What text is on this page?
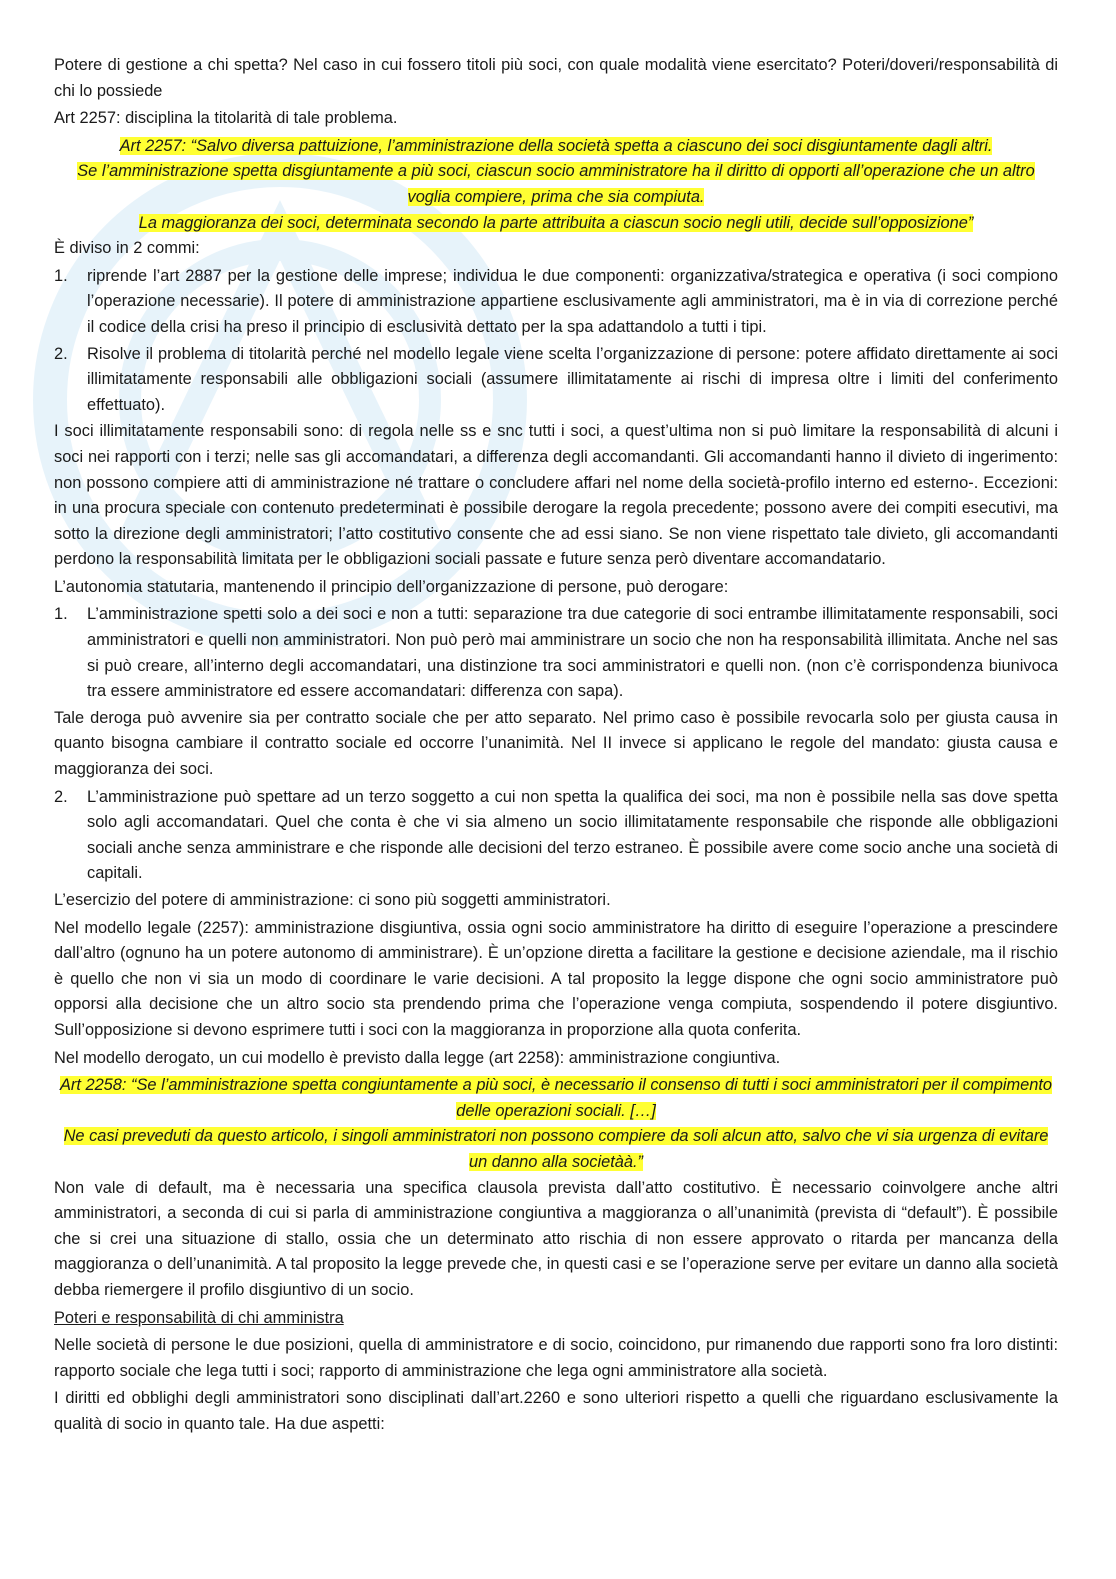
Potere di gestione a chi spetta? Nel caso in cui fossero titoli più soci, con quale modalità viene esercitato? Poteri/doveri/responsabilità di chi lo possiede

Art 2257: disciplina la titolarità di tale problema.

Art 2257: “Salvo diversa pattuizione, l’amministrazione della società spetta a ciascuno dei soci disgiuntamente dagli altri.

Se l’amministrazione spetta disgiuntamente a più soci, ciascun socio amministratore ha il diritto di opporti all’operazione che un altro voglia compiere, prima che sia compiuta.

La maggioranza dei soci, determinata secondo la parte attribuita a ciascun socio negli utili, decide sull’opposizione”

È diviso in 2 commi:

1. riprende l’art 2887 per la gestione delle imprese; individua le due componenti: organizzativa/strategica e operativa (i soci compiono l’operazione necessarie). Il potere di amministrazione appartiene esclusivamente agli amministratori, ma è in via di correzione perché il codice della crisi ha preso il principio di esclusività dettato per la spa adattandolo a tutti i tipi.
2. Risolve il problema di titolarità perché nel modello legale viene scelta l’organizzazione di persone: potere affidato direttamente ai soci illimitatamente responsabili alle obbligazioni sociali (assumere illimitatamente ai rischi di impresa oltre i limiti del conferimento effettuato).

I soci illimitatamente responsabili sono: di regola nelle ss e snc tutti i soci, a quest’ultima non si può limitare la responsabilità di alcuni i soci nei rapporti con i terzi; nelle sas gli accomandatari, a differenza degli accomandanti. Gli accomandanti hanno il divieto di ingerimento: non possono compiere atti di amministrazione né trattare o concludere affari nel nome della società-profilo interno ed esterno-. Eccezioni: in una procura speciale con contenuto predeterminati è possibile derogare la regola precedente; possono avere dei compiti esecutivi, ma sotto la direzione degli amministratori; l’atto costitutivo consente che ad essi siano. Se non viene rispettato tale divieto, gli accomandanti perdono la responsabilità limitata per le obbligazioni sociali passate e future senza però diventare accomandatario.

L’autonomia statutaria, mantenendo il principio dell’organizzazione di persone, può derogare:

1. L’amministrazione spetti solo a dei soci e non a tutti: separazione tra due categorie di soci entrambe illimitatamente responsabili, soci amministratori e quelli non amministratori. Non può però mai amministrare un socio che non ha responsabilità illimitata. Anche nel sas si può creare, all’interno degli accomandatari, una distinzione tra soci amministratori e quelli non. (non c’è corrispondenza biunivoca tra essere amministratore ed essere accomandatari: differenza con sapa).

Tale deroga può avvenire sia per contratto sociale che per atto separato. Nel primo caso è possibile revocarla solo per giusta causa in quanto bisogna cambiare il contratto sociale ed occorre l’unanimità. Nel II invece si applicano le regole del mandato: giusta causa e maggioranza dei soci.

2. L’amministrazione può spettare ad un terzo soggetto a cui non spetta la qualifica dei soci, ma non è possibile nella sas dove spetta solo agli accomandatari. Quel che conta è che vi sia almeno un socio illimitatamente responsabile che risponde alle obbligazioni sociali anche senza amministrare e che risponde alle decisioni del terzo estraneo. È possibile avere come socio anche una società di capitali.

L’esercizio del potere di amministrazione: ci sono più soggetti amministratori.

Nel modello legale (2257): amministrazione disgiuntiva, ossia ogni socio amministratore ha diritto di eseguire l’operazione a prescindere dall’altro (ognuno ha un potere autonomo di amministrare). È un’opzione diretta a facilitare la gestione e decisione aziendale, ma il rischio è quello che non vi sia un modo di coordinare le varie decisioni. A tal proposito la legge dispone che ogni socio amministratore può opporsi alla decisione che un altro socio sta prendendo prima che l’operazione venga compiuta, sospendendo il potere disgiuntivo. Sull’opposizione si devono esprimere tutti i soci con la maggioranza in proporzione alla quota conferita.

Nel modello derogato, un cui modello è previsto dalla legge (art 2258): amministrazione congiuntiva.

Art 2258: “Se l’amministrazione spetta congiuntamente a più soci, è necessario il consenso di tutti i soci amministratori per il compimento delle operazioni sociali. […]

Ne casi preveduti da questo articolo, i singoli amministratori non possono compiere da soli alcun atto, salvo che vi sia urgenza di evitare un danno alla societàà.”

Non vale di default, ma è necessaria una specifica clausola prevista dall’atto costitutivo. È necessario coinvolgere anche altri amministratori, a seconda di cui si parla di amministrazione congiuntiva a maggioranza o all’unanimità (prevista di “default”). È possibile che si crei una situazione di stallo, ossia che un determinato atto rischia di non essere approvato o ritarda per mancanza della maggioranza o dell’unanimità. A tal proposito la legge prevede che, in questi casi e se l’operazione serve per evitare un danno alla società debba riemergere il profilo disgiuntivo di un socio.

Poteri e responsabilità di chi amministra

Nelle società di persone le due posizioni, quella di amministratore e di socio, coincidono, pur rimanendo due rapporti sono fra loro distinti: rapporto sociale che lega tutti i soci; rapporto di amministrazione che lega ogni amministratore alla società.

I diritti ed obblighi degli amministratori sono disciplinati dall’art.2260 e sono ulteriori rispetto a quelli che riguardano esclusivamente la qualità di socio in quanto tale. Ha due aspetti:
